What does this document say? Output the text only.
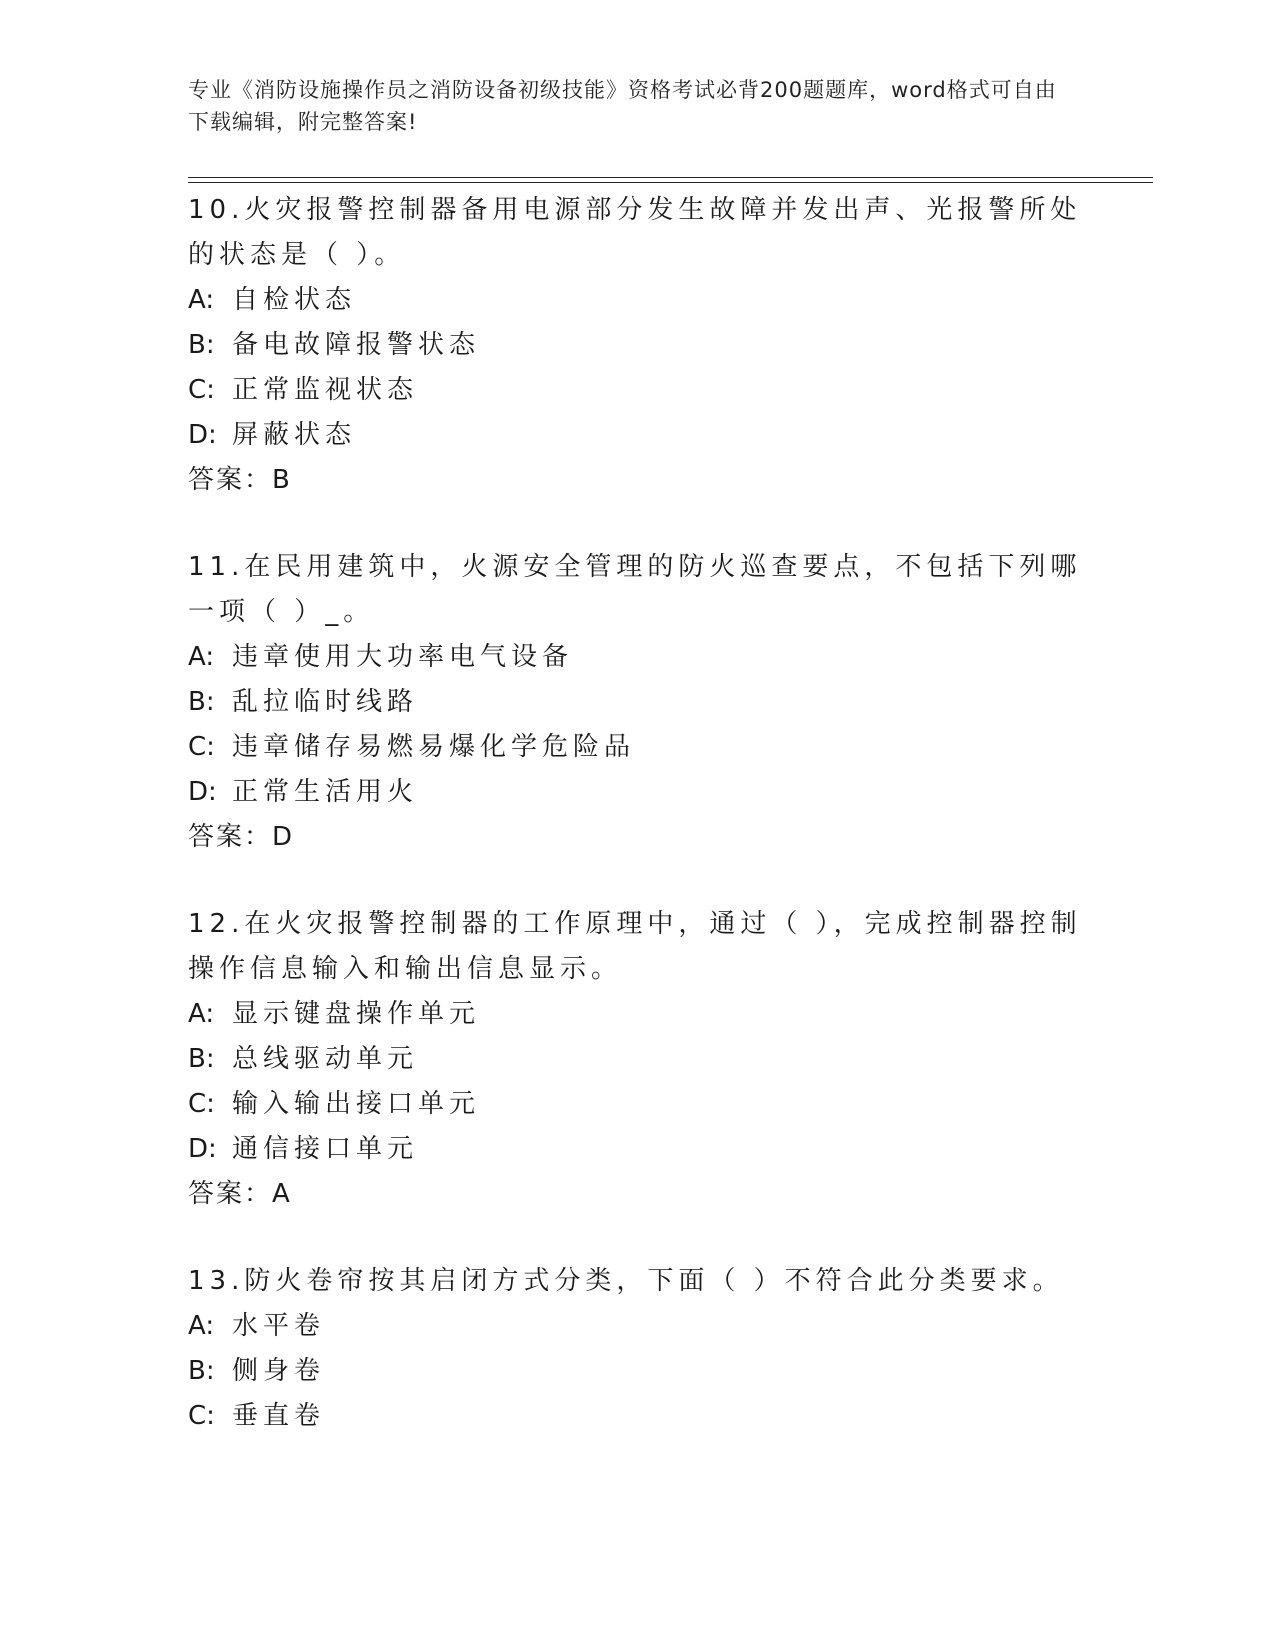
专业《消防设施操作员之消防设备初级技能》资格考试必背200题题库，word格式可自由下载编辑，附完整答案!
10.火灾报警控制器备用电源部分发生故障并发出声、光报警所处的状态是（ ）。
A: 自检状态
B: 备电故障报警状态
C: 正常监视状态
D: 屏蔽状态
答案：B
11.在民用建筑中，火源安全管理的防火巡查要点，不包括下列哪一项（ ）_。
A: 违章使用大功率电气设备
B: 乱拉临时线路
C: 违章储存易燃易爆化学危险品
D: 正常生活用火
答案：D
12.在火灾报警控制器的工作原理中，通过（ ），完成控制器控制操作信息输入和输出信息显示。
A: 显示键盘操作单元
B: 总线驱动单元
C: 输入输出接口单元
D: 通信接口单元
答案：A
13.防火卷帘按其启闭方式分类，下面（ ）不符合此分类要求。
A: 水平卷
B: 侧身卷
C: 垂直卷
